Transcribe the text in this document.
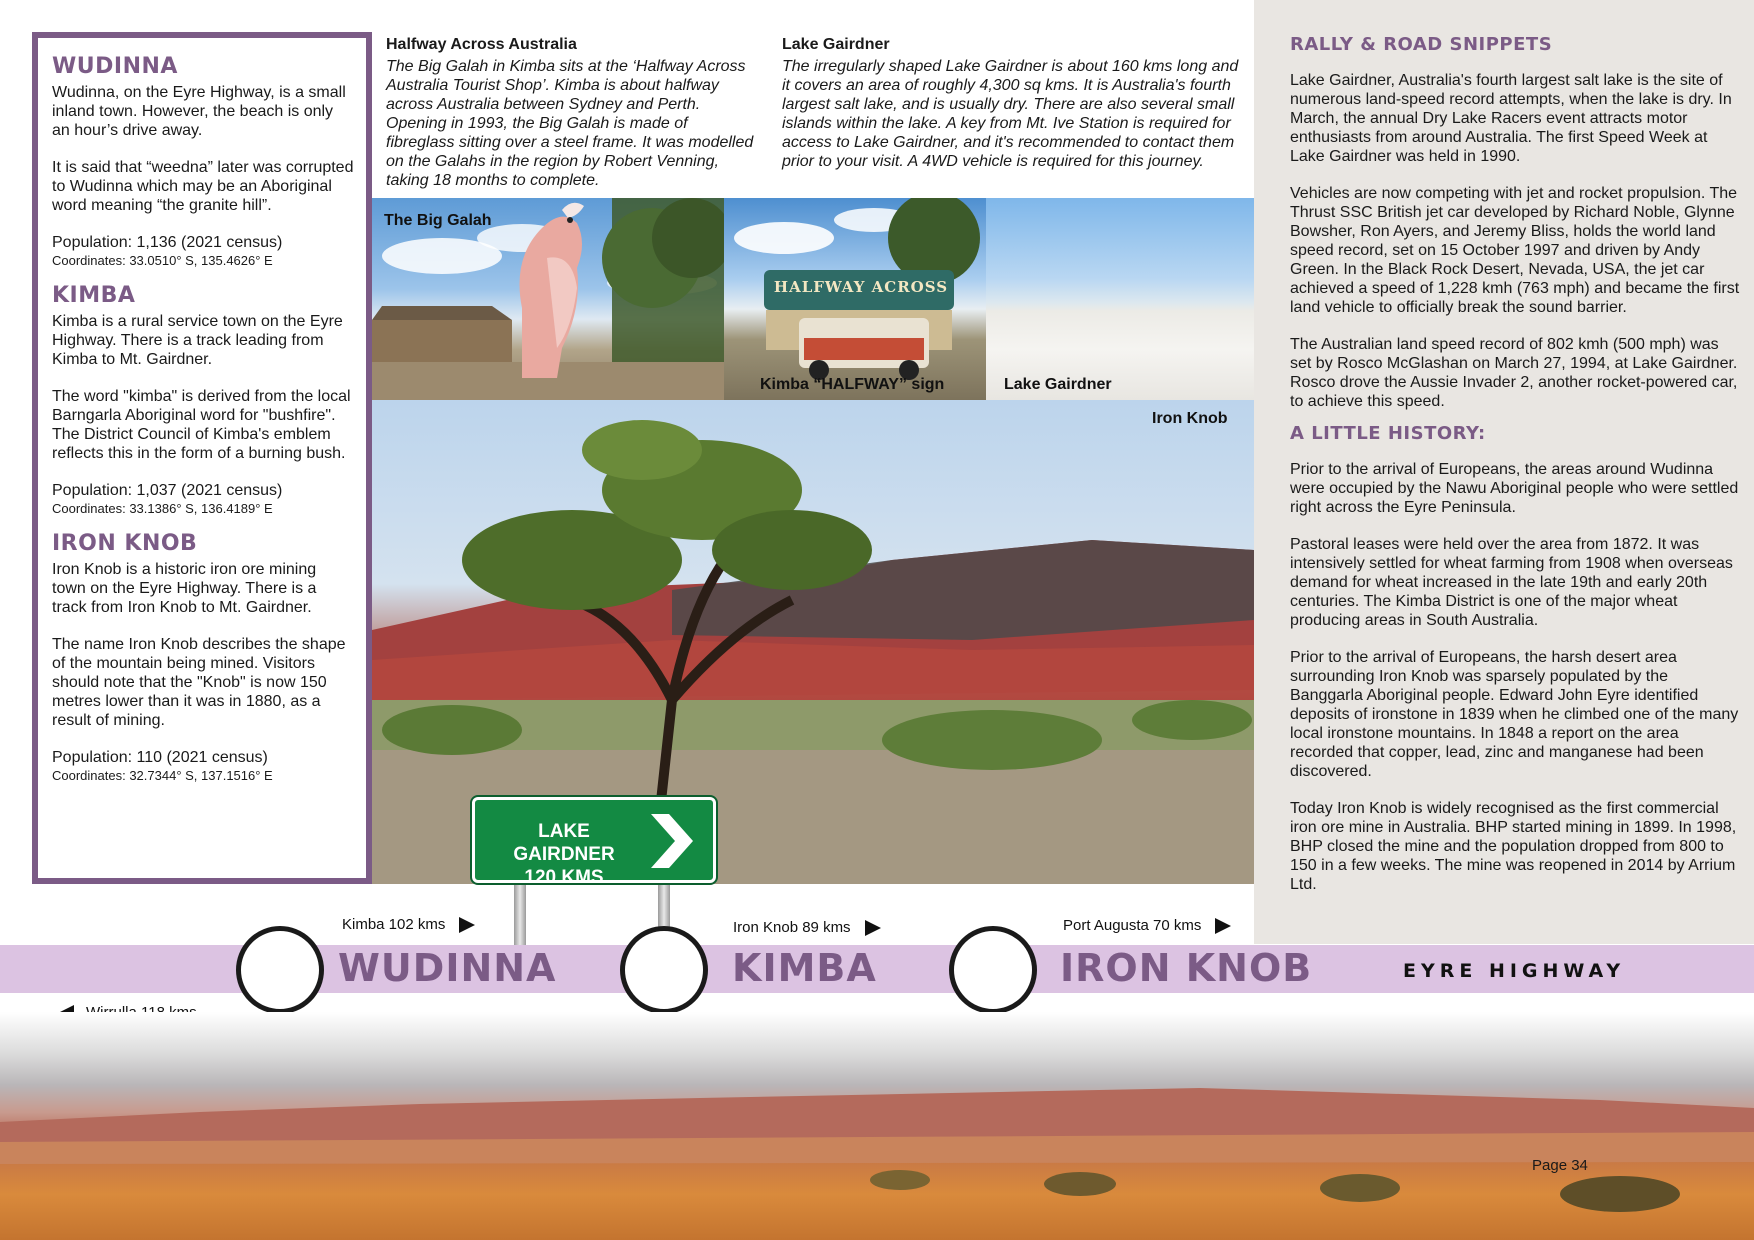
WUDINNA

Wudinna, on the Eyre Highway, is a small inland town. However, the beach is only an hour’s drive away.

It is said that “weedna” later was corrupted to Wudinna which may be an Aboriginal word meaning “the granite hill”.

Population: 1,136 (2021 census)

Coordinates: 33.0510° S, 135.4626° E

KIMBA

Kimba is a rural service town on the Eyre Highway. There is a track leading from Kimba to Mt. Gairdner.

The word "kimba" is derived from the local Barngarla Aboriginal word for "bushfire". The District Council of Kimba's emblem reflects this in the form of a burning bush.

Population: 1,037 (2021 census)

Coordinates: 33.1386° S, 136.4189° E

IRON KNOB

Iron Knob is a historic iron ore mining town on the Eyre Highway. There is a track from Iron Knob to Mt. Gairdner.

The name Iron Knob describes the shape of the mountain being mined. Visitors should note that the "Knob" is now 150 metres lower than it was in 1880, as a result of mining.

Population: 110 (2021 census)

Coordinates: 32.7344° S, 137.1516° E

Halfway Across Australia

The Big Galah in Kimba sits at the ‘Halfway Across Australia Tourist Shop’. Kimba is about halfway across Australia between Sydney and Perth. Opening in 1993, the Big Galah is made of fibreglass sitting over a steel frame. It was modelled on the Galahs in the region by Robert Venning, taking 18 months to complete.

Lake Gairdner

The irregularly shaped Lake Gairdner is about 160 kms long and it covers an area of roughly 4,300 sq kms. It is Australia's fourth largest salt lake, and is usually dry. There are also several small islands within the lake. A key from Mt. Ive Station is required for access to Lake Gairdner, and it's recommended to contact them prior to your visit. A 4WD vehicle is required for this journey.

The Big Galah
HALFWAY ACROSS
Kimba “HALFWAY” sign	Lake Gairdner
Iron Knob
RALLY & ROAD SNIPPETS

Lake Gairdner, Australia's fourth largest salt lake is the site of numerous land-speed record attempts, when the lake is dry. In March, the annual Dry Lake Racers event attracts motor enthusiasts from around Australia. The first Speed Week at Lake Gairdner was held in 1990.

Vehicles are now competing with jet and rocket propulsion. The Thrust SSC British jet car developed by Richard Noble, Glynne Bowsher, Ron Ayers, and Jeremy Bliss, holds the world land speed record, set on 15 October 1997 and driven by Andy Green. In the Black Rock Desert, Nevada, USA, the jet car achieved a speed of 1,228 kmh (763 mph) and became the first land vehicle to officially break the sound barrier.

The Australian land speed record of 802 kmh (500 mph) was set by Rosco McGlashan on March 27, 1994, at Lake Gairdner. Rosco drove the Aussie Invader 2, another rocket-powered car, to achieve this speed.

A LITTLE HISTORY:

Prior to the arrival of Europeans, the areas around Wudinna were occupied by the Nawu Aboriginal people who were settled right across the Eyre Peninsula.

Pastoral leases were held over the area from 1872. It was intensively settled for wheat farming from 1908 when overseas demand for wheat increased in the late 19th and early 20th centuries. The Kimba District is one of the major wheat producing areas in South Australia.

Prior to the arrival of Europeans, the harsh desert area surrounding Iron Knob was sparsely populated by the Banggarla Aboriginal people. Edward John Eyre identified deposits of ironstone in 1839 when he climbed one of the many local ironstone mountains. In 1848 a report on the area recorded that copper, lead, zinc and manganese had been discovered.

Today Iron Knob is widely recognised as the first commercial iron ore mine in Australia. BHP started mining in 1899. In 1998, BHP closed the mine and the population dropped from 800 to 150 in a few weeks. The mine was reopened in 2014 by Arrium Ltd.

LAKE GAIRDNER
120 KMS
Kimba 102 kms	Iron Knob 89 kms	Port Augusta 70 kms
WUDINNA	KIMBA	IRON KNOB	EYRE HIGHWAY
Page 34
